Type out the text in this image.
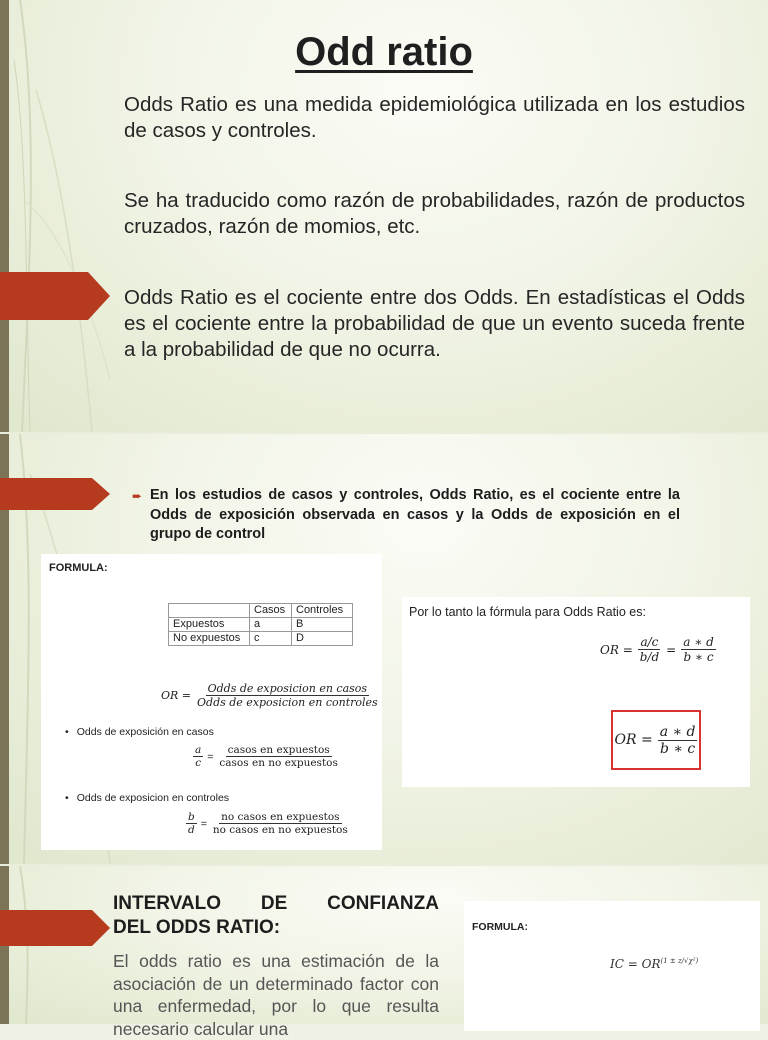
Odd ratio
Odds Ratio es una medida epidemiológica utilizada en los estudios de casos y controles.
Se ha traducido como razón de probabilidades, razón de productos cruzados, razón de momios, etc.
Odds Ratio es el cociente entre dos Odds. En estadísticas el Odds es el cociente entre la probabilidad de que un evento suceda frente a la probabilidad de que no ocurra.
➨ En los estudios de casos y controles, Odds Ratio, es el cociente entre la Odds de exposición observada en casos y la Odds de exposición en el grupo de control
FORMULA:
	Casos	Controles
Expuestos	a	B
No expuestos	c	D
OR = $\frac{\text{Odds de exposicion en casos}}{\text{Odds de exposicion en controles}}$
• Odds de exposición en casos
$\frac{a}{c} = \frac{\text{casos en expuestos}}{\text{casos en no expuestos}}$
• Odds de exposicion en controles
$\frac{b}{d} = \frac{\text{no casos en expuestos}}{\text{no casos en no expuestos}}$
Por lo tanto la fórmula para Odds Ratio es:
OR = $\frac{a/c}{b/d} = \frac{a ∗ d}{b ∗ c}$
OR = $\frac{a ∗ d}{b ∗ c}$
INTERVALO DE CONFIANZA
DEL ODDS RATIO:
El odds ratio es una estimación de la asociación de un determinado factor con una enfermedad, por lo que resulta necesario calcular una
FORMULA:
IC = $OR^{(1 \pm z/√\chi^2)}$
